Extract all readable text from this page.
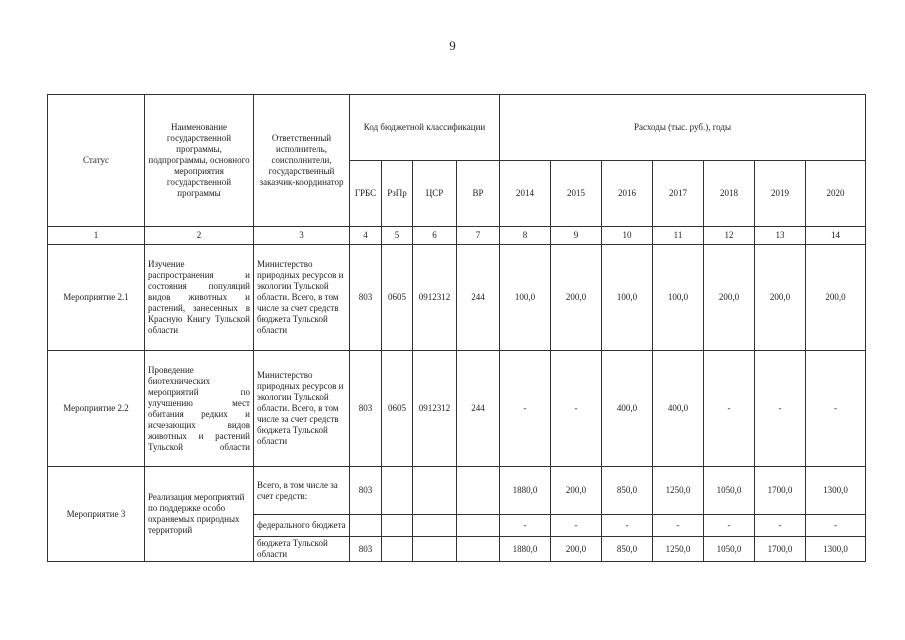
9
Статус	Наименование государственной программы, подпрограммы, основного мероприятия государственной программы	Ответственный исполнитель, соисполнители, государственный заказчик-координатор	Код бюджетной классификации				Расходы (тыс. руб.), годы						
			ГРБС	РзПр	ЦСР	ВР	2014	2015	2016	2017	2018	2019	2020
1	2	3	4	5	6	7	8	9	10	11	12	13	14
Мероприятие 2.1	Изучение распространения и состояния популяций видов животных и растений, занесенных в Красную Книгу Тульской области	Министерство природных ресурсов и экологии Тульской области. Всего, в том числе за счет средств бюджета Тульской области	803	0605	0912312	244	100,0	200,0	100,0	100,0	200,0	200,0	200,0
Мероприятие 2.2	Проведение биотехнических мероприятий по улучшению мест обитания редких и исчезающих видов животных и растений Тульской области	Министерство природных ресурсов и экологии Тульской области. Всего, в том числе за счет средств бюджета Тульской области	803	0605	0912312	244	-	-	400,0	400,0	-	-	-
Мероприятие 3	Реализация мероприятий по поддержке особо охраняемых природных территорий	Всего, в том числе за счет средств:	803				1880,0	200,0	850,0	1250,0	1050,0	1700,0	1300,0
		федерального бюджета					-	-	-	-	-	-	-
		бюджета Тульской области	803				1880,0	200,0	850,0	1250,0	1050,0	1700,0	1300,0
